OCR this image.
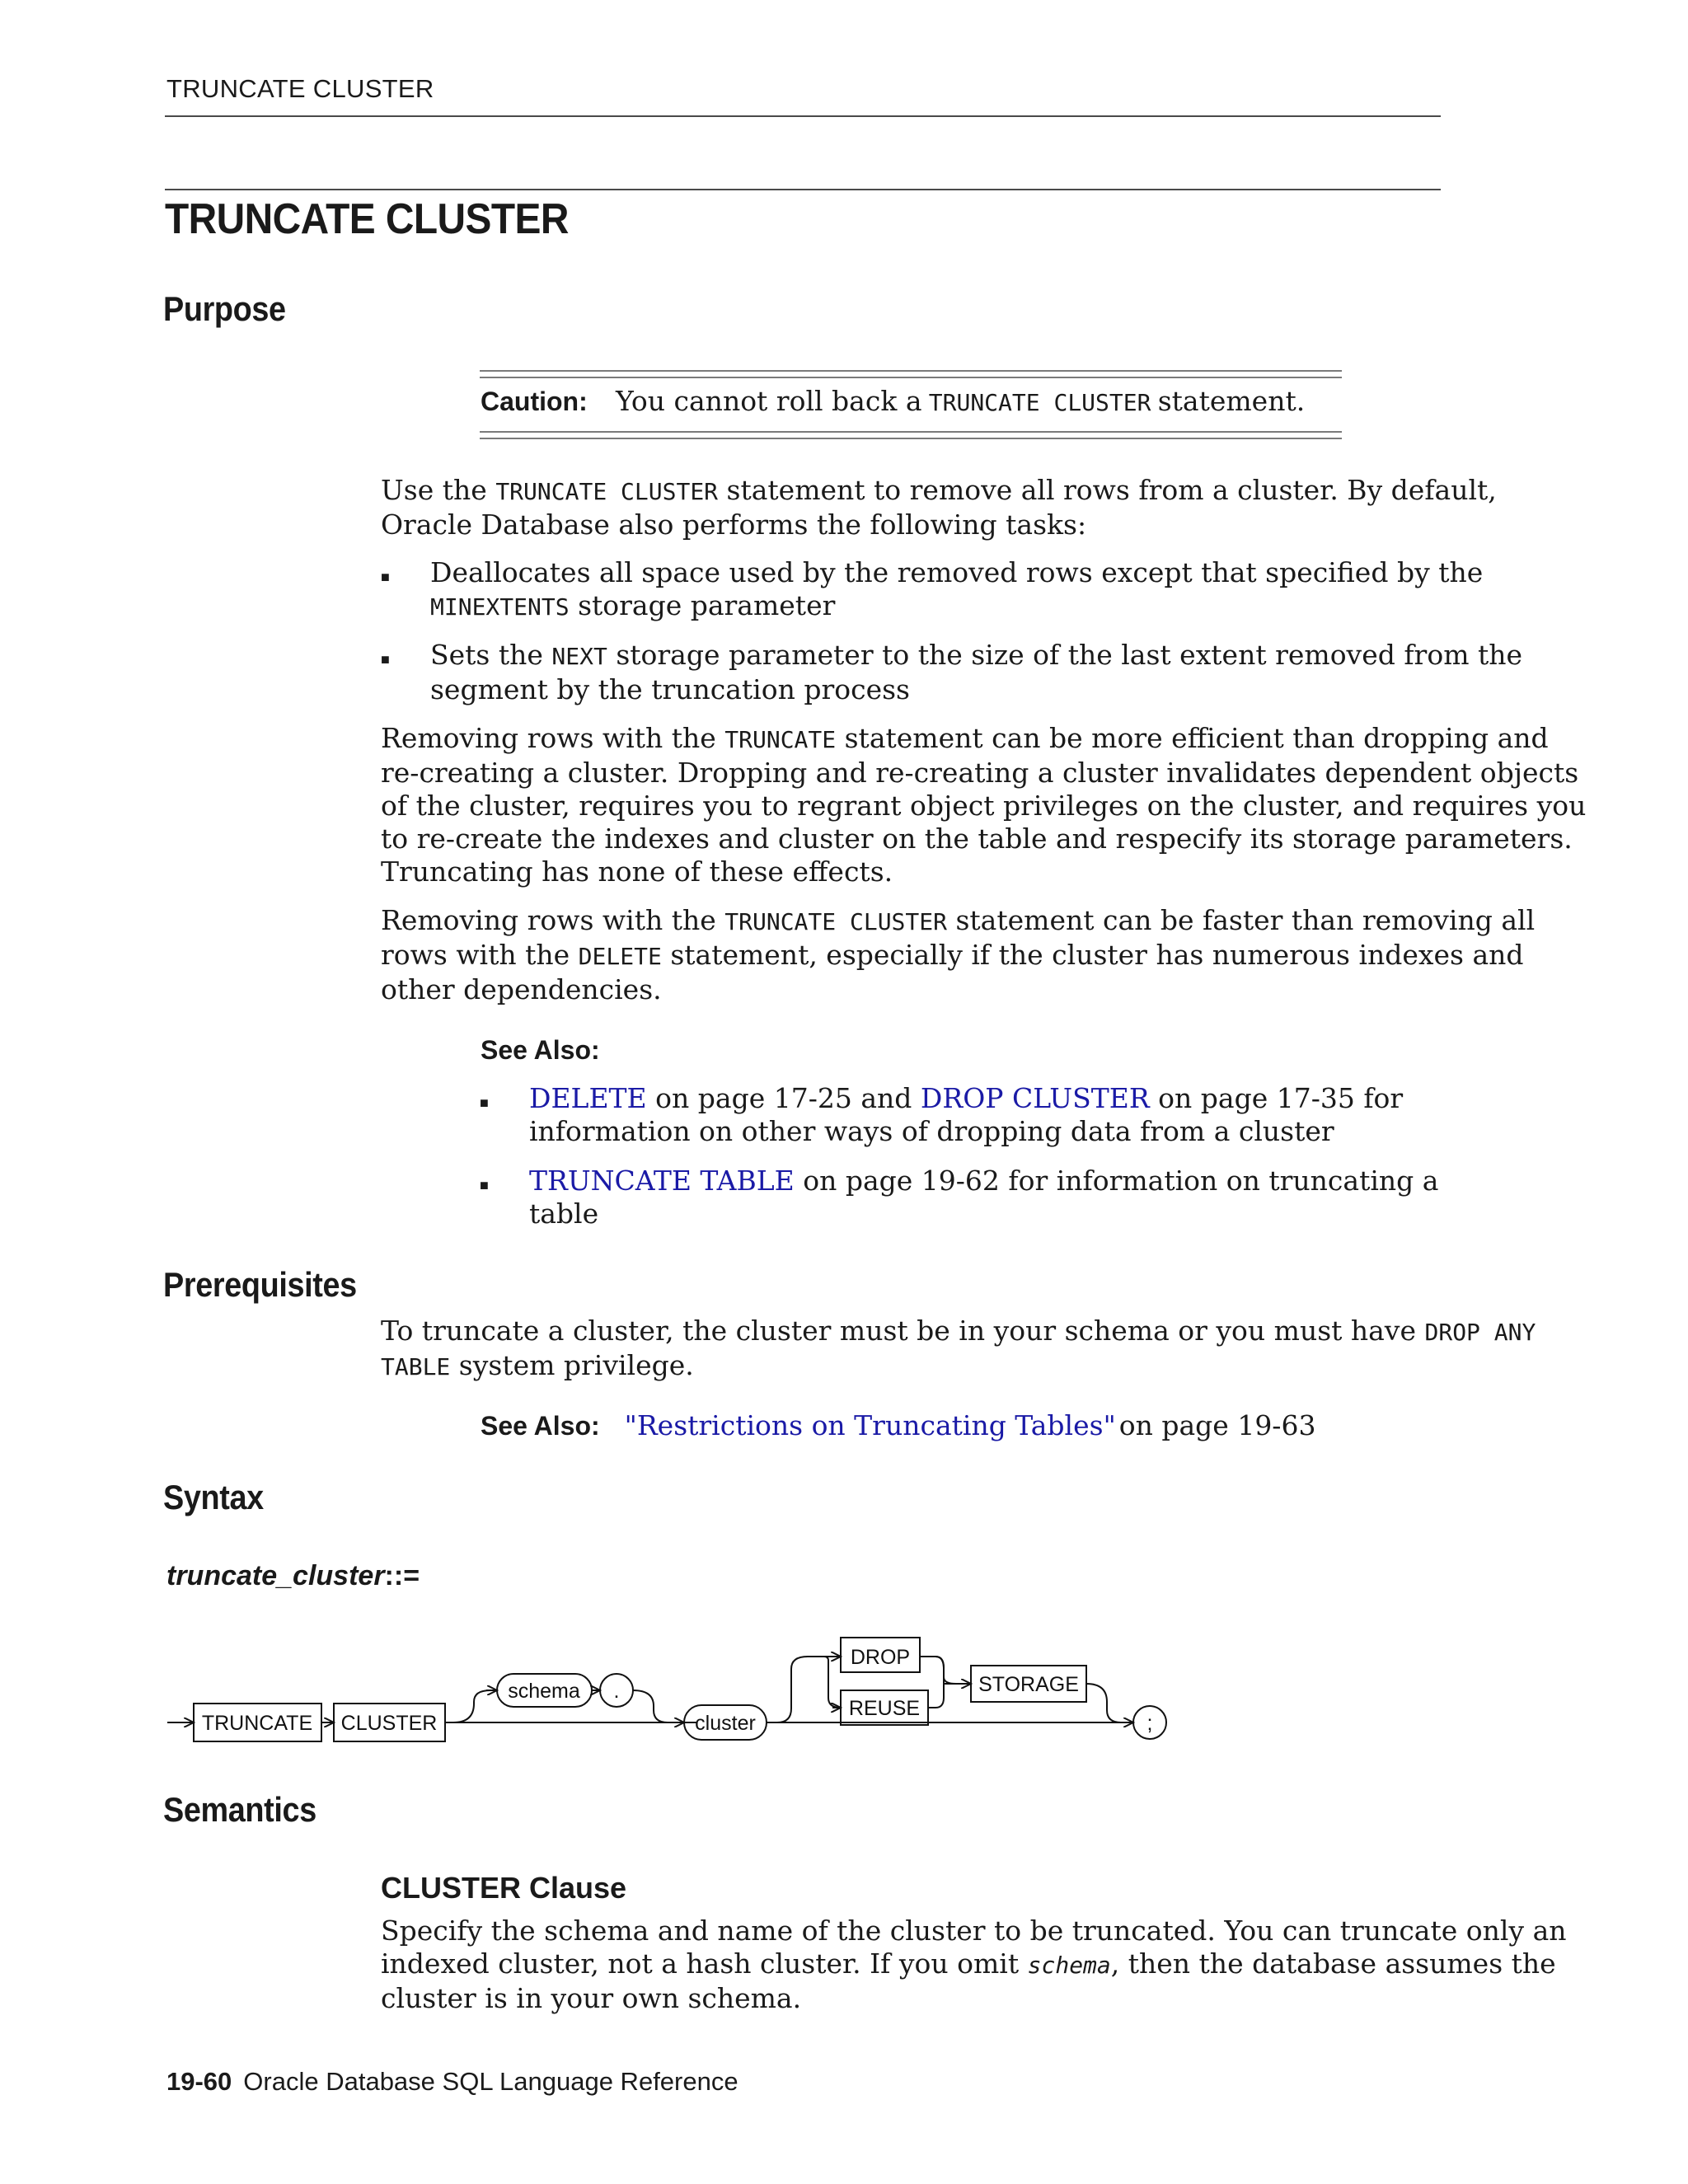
TRUNCATE CLUSTER
TRUNCATE CLUSTER
Purpose
Caution: You cannot roll back a TRUNCATE CLUSTER statement.
Use the TRUNCATE CLUSTER statement to remove all rows from a cluster. By default,
Oracle Database also performs the following tasks:
■ Deallocates all space used by the removed rows except that specified by the
MINEXTENTS storage parameter
■ Sets the NEXT storage parameter to the size of the last extent removed from the
segment by the truncation process
Removing rows with the TRUNCATE statement can be more efficient than dropping and
re-creating a cluster. Dropping and re-creating a cluster invalidates dependent objects
of the cluster, requires you to regrant object privileges on the cluster, and requires you
to re-create the indexes and cluster on the table and respecify its storage parameters.
Truncating has none of these effects.
Removing rows with the TRUNCATE CLUSTER statement can be faster than removing all
rows with the DELETE statement, especially if the cluster has numerous indexes and
other dependencies.
See Also:
■ DELETE on page 17-25 and DROP CLUSTER on page 17-35 for
information on other ways of dropping data from a cluster
■ TRUNCATE TABLE on page 19-62 for information on truncating a
table
Prerequisites
To truncate a cluster, the cluster must be in your schema or you must have DROP ANY
TABLE system privilege.
See Also: "Restrictions on Truncating Tables" on page 19-63
Syntax
truncate_cluster::=
TRUNCATE CLUSTER
schema .
cluster
DROP
REUSE
STORAGE
;
Semantics
CLUSTER Clause
Specify the schema and name of the cluster to be truncated. You can truncate only an
indexed cluster, not a hash cluster. If you omit schema, then the database assumes the
cluster is in your own schema.
19-60 Oracle Database SQL Language Reference
